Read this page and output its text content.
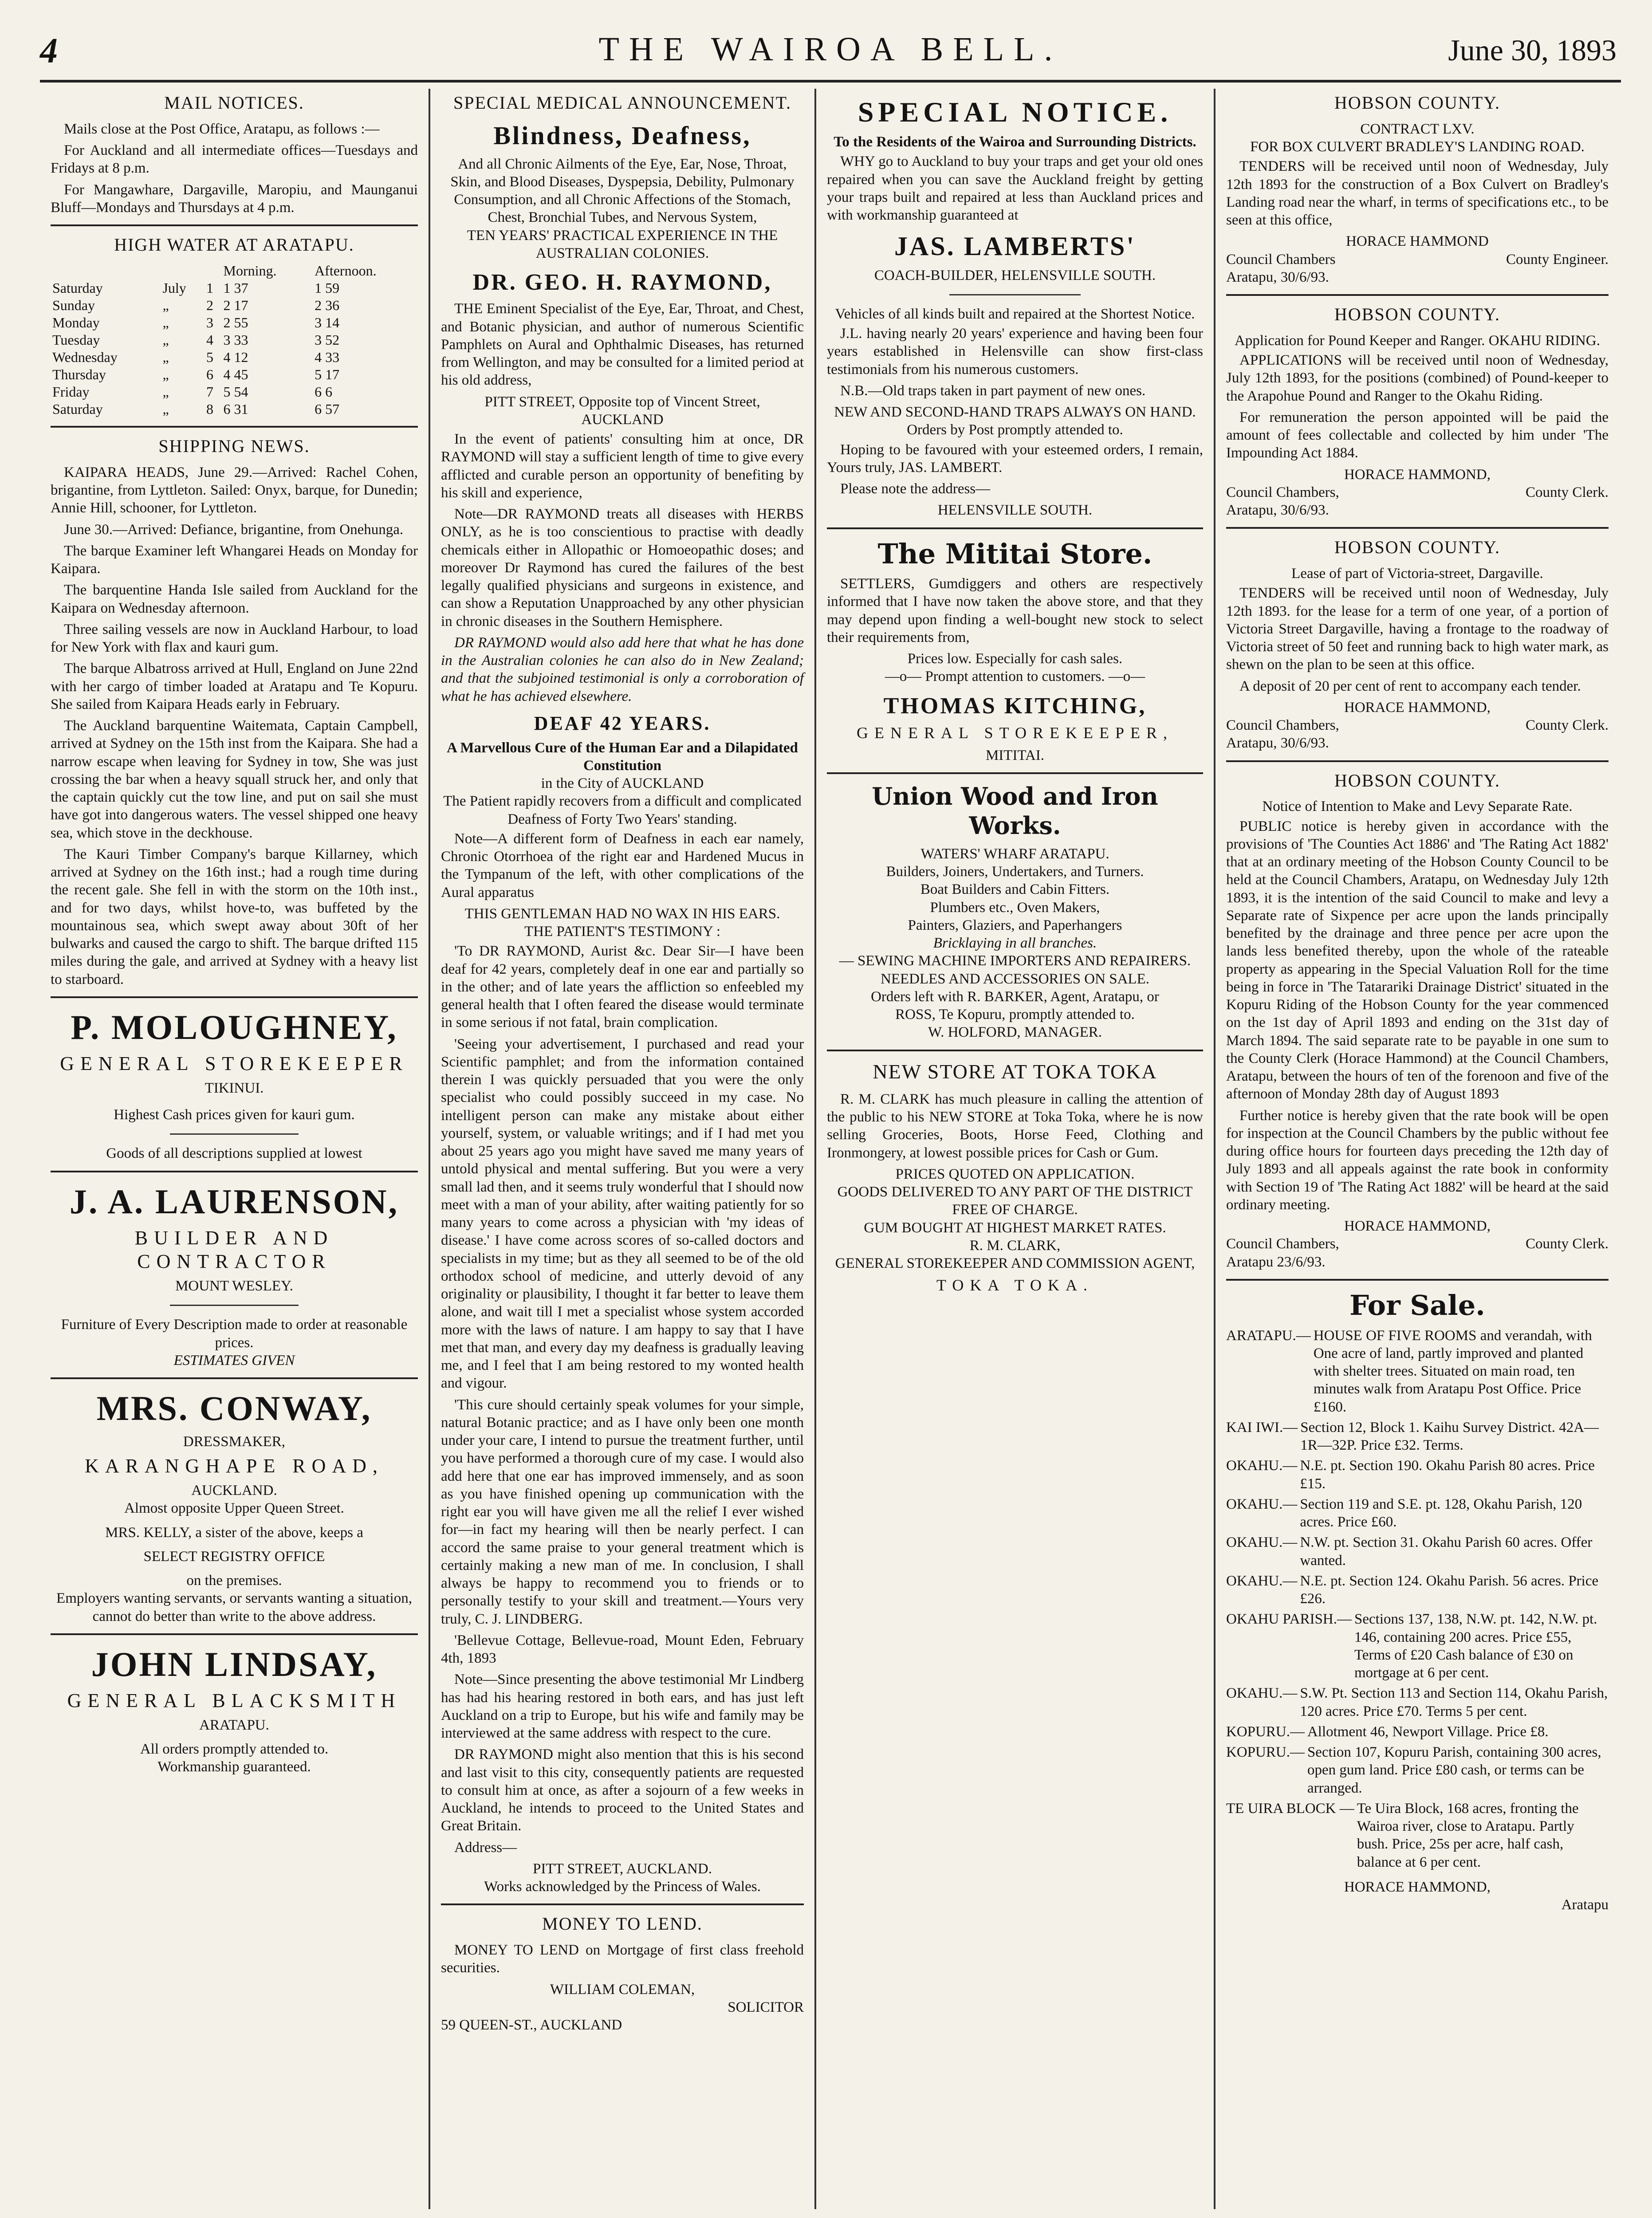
4	THE WAIROA BELL.	June 30, 1893
MAIL NOTICES.
Mails close at the Post Office, Aratapu, as follows :—
For Auckland and all intermediate offices—Tuesdays and Fridays at 8 p.m.
For Mangawhare, Dargaville, Maropiu, and Maunganui Bluff—Mondays and Thursdays at 4 p.m.
HIGH WATER AT ARATAPU.
			Morning.	Afternoon.
Saturday	July	1	1 37	1 59
Sunday	„	2	2 17	2 36
Monday	„	3	2 55	3 14
Tuesday	„	4	3 33	3 52
Wednesday	„	5	4 12	4 33
Thursday	„	6	4 45	5 17
Friday	„	7	5 54	6 6
Saturday	„	8	6 31	6 57
SHIPPING NEWS.
KAIPARA HEADS, June 29.—Arrived: Rachel Cohen, brigantine, from Lyttleton. Sailed: Onyx, barque, for Dunedin; Annie Hill, schooner, for Lyttleton.
June 30.—Arrived: Defiance, brigantine, from Onehunga.
The barque Examiner left Whangarei Heads on Monday for Kaipara.
The barquentine Handa Isle sailed from Auckland for the Kaipara on Wednesday afternoon.
Three sailing vessels are now in Auckland Harbour, to load for New York with flax and kauri gum.
The barque Albatross arrived at Hull, England on June 22nd with her cargo of timber loaded at Aratapu and Te Kopuru. She sailed from Kaipara Heads early in February.
The Auckland barquentine Waitemata, Captain Campbell, arrived at Sydney on the 15th inst from the Kaipara. She had a narrow escape when leaving for Sydney in tow, She was just crossing the bar when a heavy squall struck her, and only that the captain quickly cut the tow line, and put on sail she must have got into dangerous waters. The vessel shipped one heavy sea, which stove in the deckhouse.
The Kauri Timber Company's barque Killarney, which arrived at Sydney on the 16th inst.; had a rough time during the recent gale. She fell in with the storm on the 10th inst., and for two days, whilst hove-to, was buffeted by the mountainous sea, which swept away about 30ft of her bulwarks and caused the cargo to shift. The barque drifted 115 miles during the gale, and arrived at Sydney with a heavy list to starboard.
P. MOLOUGHNEY,
GENERAL STOREKEEPER
TIKINUI.
Highest Cash prices given for kauri gum.
Goods of all descriptions supplied at lowest
J. A. LAURENSON,
BUILDER AND CONTRACTOR
MOUNT WESLEY.
Furniture of Every Description made to order at reasonable prices.
ESTIMATES GIVEN
MRS. CONWAY,
DRESSMAKER,
KARANGHAPE ROAD,
AUCKLAND.
Almost opposite Upper Queen Street.
MRS. KELLY, a sister of the above, keeps a
SELECT REGISTRY OFFICE
on the premises.
Employers wanting servants, or servants wanting a situation, cannot do better than write to the above address.
JOHN LINDSAY,
GENERAL BLACKSMITH
ARATAPU.
All orders promptly attended to.
Workmanship guaranteed.
SPECIAL MEDICAL ANNOUNCEMENT.
Blindness, Deafness,
And all Chronic Ailments of the Eye, Ear, Nose, Throat, Skin, and Blood Diseases, Dyspepsia, Debility, Pulmonary Consumption, and all Chronic Affections of the Stomach, Chest, Bronchial Tubes, and Nervous System,
TEN YEARS' PRACTICAL EXPERIENCE IN THE AUSTRALIAN COLONIES.
DR. GEO. H. RAYMOND,
THE Eminent Specialist of the Eye, Ear, Throat, and Chest, and Botanic physician, and author of numerous Scientific Pamphlets on Aural and Ophthalmic Diseases, has returned from Wellington, and may be consulted for a limited period at his old address,
PITT STREET, Opposite top of Vincent Street,
AUCKLAND
In the event of patients' consulting him at once, DR RAYMOND will stay a sufficient length of time to give every afflicted and curable person an opportunity of benefiting by his skill and experience,
Note—DR RAYMOND treats all diseases with HERBS ONLY, as he is too conscientious to practise with deadly chemicals either in Allopathic or Homoeopathic doses; and moreover Dr Raymond has cured the failures of the best legally qualified physicians and surgeons in existence, and can show a Reputation Unapproached by any other physician in chronic diseases in the Southern Hemisphere.
DR RAYMOND would also add here that what he has done in the Australian colonies he can also do in New Zealand; and that the subjoined testimonial is only a corroboration of what he has achieved elsewhere.
DEAF 42 YEARS.
A Marvellous Cure of the Human Ear and a Dilapidated Constitution
in the City of AUCKLAND
The Patient rapidly recovers from a difficult and complicated Deafness of Forty Two Years' standing.
Note—A different form of Deafness in each ear namely, Chronic Otorrhoea of the right ear and Hardened Mucus in the Tympanum of the left, with other complications of the Aural apparatus
THIS GENTLEMAN HAD NO WAX IN HIS EARS.
THE PATIENT'S TESTIMONY :
'To DR RAYMOND, Aurist &c. Dear Sir—I have been deaf for 42 years, completely deaf in one ear and partially so in the other; and of late years the affliction so enfeebled my general health that I often feared the disease would terminate in some serious if not fatal, brain complication.
'Seeing your advertisement, I purchased and read your Scientific pamphlet; and from the information contained therein I was quickly persuaded that you were the only specialist who could possibly succeed in my case. No intelligent person can make any mistake about either yourself, system, or valuable writings; and if I had met you about 25 years ago you might have saved me many years of untold physical and mental suffering. But you were a very small lad then, and it seems truly wonderful that I should now meet with a man of your ability, after waiting patiently for so many years to come across a physician with 'my ideas of disease.' I have come across scores of so-called doctors and specialists in my time; but as they all seemed to be of the old orthodox school of medicine, and utterly devoid of any originality or plausibility, I thought it far better to leave them alone, and wait till I met a specialist whose system accorded more with the laws of nature. I am happy to say that I have met that man, and every day my deafness is gradually leaving me, and I feel that I am being restored to my wonted health and vigour.
'This cure should certainly speak volumes for your simple, natural Botanic practice; and as I have only been one month under your care, I intend to pursue the treatment further, until you have performed a thorough cure of my case. I would also add here that one ear has improved immensely, and as soon as you have finished opening up communication with the right ear you will have given me all the relief I ever wished for—in fact my hearing will then be nearly perfect. I can accord the same praise to your general treatment which is certainly making a new man of me. In conclusion, I shall always be happy to recommend you to friends or to personally testify to your skill and treatment.—Yours very truly, C. J. LINDBERG.
'Bellevue Cottage, Bellevue-road, Mount Eden, February 4th, 1893
Note—Since presenting the above testimonial Mr Lindberg has had his hearing restored in both ears, and has just left Auckland on a trip to Europe, but his wife and family may be interviewed at the same address with respect to the cure.
DR RAYMOND might also mention that this is his second and last visit to this city, consequently patients are requested to consult him at once, as after a sojourn of a few weeks in Auckland, he intends to proceed to the United States and Great Britain.
Address—
PITT STREET, AUCKLAND.
Works acknowledged by the Princess of Wales.
MONEY TO LEND.
MONEY TO LEND on Mortgage of first class freehold securities.
WILLIAM COLEMAN,
SOLICITOR
59 QUEEN-ST., AUCKLAND
SPECIAL NOTICE.
To the Residents of the Wairoa and Surrounding Districts.
WHY go to Auckland to buy your traps and get your old ones repaired when you can save the Auckland freight by getting your traps built and repaired at less than Auckland prices and with workmanship guaranteed at
JAS. LAMBERTS'
COACH-BUILDER, HELENSVILLE SOUTH.
Vehicles of all kinds built and repaired at the Shortest Notice.
J.L. having nearly 20 years' experience and having been four years established in Helensville can show first-class testimonials from his numerous customers.
N.B.—Old traps taken in part payment of new ones.
NEW AND SECOND-HAND TRAPS ALWAYS ON HAND.
Orders by Post promptly attended to.
Hoping to be favoured with your esteemed orders, I remain, Yours truly, JAS. LAMBERT.
Please note the address—
HELENSVILLE SOUTH.
The Mititai Store.
SETTLERS, Gumdiggers and others are respectively informed that I have now taken the above store, and that they may depend upon finding a well-bought new stock to select their requirements from,
Prices low. Especially for cash sales.
—o— Prompt attention to customers. —o—
THOMAS KITCHING,
GENERAL STOREKEEPER,
MITITAI.
Union Wood and Iron Works.
WATERS' WHARF ARATAPU.
Builders, Joiners, Undertakers, and Turners.
Boat Builders and Cabin Fitters.
Plumbers etc., Oven Makers,
Painters, Glaziers, and Paperhangers
Bricklaying in all branches.
— SEWING MACHINE IMPORTERS AND REPAIRERS.
NEEDLES AND ACCESSORIES ON SALE.
Orders left with R. BARKER, Agent, Aratapu, or
ROSS, Te Kopuru, promptly attended to.
W. HOLFORD, MANAGER.
NEW STORE AT TOKA TOKA
R. M. CLARK has much pleasure in calling the attention of the public to his NEW STORE at Toka Toka, where he is now selling Groceries, Boots, Horse Feed, Clothing and Ironmongery, at lowest possible prices for Cash or Gum.
PRICES QUOTED ON APPLICATION.
GOODS DELIVERED TO ANY PART OF THE DISTRICT FREE OF CHARGE.
GUM BOUGHT AT HIGHEST MARKET RATES.
R. M. CLARK,
GENERAL STOREKEEPER AND COMMISSION AGENT,
TOKA TOKA.
HOBSON COUNTY.
CONTRACT LXV.
FOR BOX CULVERT BRADLEY'S LANDING ROAD.
TENDERS will be received until noon of Wednesday, July 12th 1893 for the construction of a Box Culvert on Bradley's Landing road near the wharf, in terms of specifications etc., to be seen at this office,
HORACE HAMMOND
Council Chambers	County Engineer.
Aratapu, 30/6/93.
HOBSON COUNTY.
Application for Pound Keeper and Ranger. OKAHU RIDING.
APPLICATIONS will be received until noon of Wednesday, July 12th 1893, for the positions (combined) of Pound-keeper to the Arapohue Pound and Ranger to the Okahu Riding.
For remuneration the person appointed will be paid the amount of fees collectable and collected by him under 'The Impounding Act 1884.
HORACE HAMMOND,
Council Chambers,	County Clerk.
Aratapu, 30/6/93.
HOBSON COUNTY.
Lease of part of Victoria-street, Dargaville.
TENDERS will be received until noon of Wednesday, July 12th 1893. for the lease for a term of one year, of a portion of Victoria Street Dargaville, having a frontage to the roadway of Victoria street of 50 feet and running back to high water mark, as shewn on the plan to be seen at this office.
A deposit of 20 per cent of rent to accompany each tender.
HORACE HAMMOND,
Council Chambers,	County Clerk.
Aratapu, 30/6/93.
HOBSON COUNTY.
Notice of Intention to Make and Levy Separate Rate.
PUBLIC notice is hereby given in accordance with the provisions of 'The Counties Act 1886' and 'The Rating Act 1882' that at an ordinary meeting of the Hobson County Council to be held at the Council Chambers, Aratapu, on Wednesday July 12th 1893, it is the intention of the said Council to make and levy a Separate rate of Sixpence per acre upon the lands principally benefited by the drainage and three pence per acre upon the lands less benefited thereby, upon the whole of the rateable property as appearing in the Special Valuation Roll for the time being in force in 'The Tatarariki Drainage District' situated in the Kopuru Riding of the Hobson County for the year commenced on the 1st day of April 1893 and ending on the 31st day of March 1894. The said separate rate to be payable in one sum to the County Clerk (Horace Hammond) at the Council Chambers, Aratapu, between the hours of ten of the forenoon and five of the afternoon of Monday 28th day of August 1893
Further notice is hereby given that the rate book will be open for inspection at the Council Chambers by the public without fee during office hours for fourteen days preceding the 12th day of July 1893 and all appeals against the rate book in conformity with Section 19 of 'The Rating Act 1882' will be heard at the said ordinary meeting.
HORACE HAMMOND,
Council Chambers,	County Clerk.
Aratapu 23/6/93.
For Sale.
ARATAPU.— HOUSE OF FIVE ROOMS and verandah, with One acre of land, partly improved and planted with shelter trees. Situated on main road, ten minutes walk from Aratapu Post Office. Price £160.
KAI IWI.— Section 12, Block 1. Kaihu Survey District. 42A—1R—32P. Price £32. Terms.
OKAHU.— N.E. pt. Section 190. Okahu Parish 80 acres. Price £15.
OKAHU.— Section 119 and S.E. pt. 128, Okahu Parish, 120 acres. Price £60.
OKAHU.— N.W. pt. Section 31. Okahu Parish 60 acres. Offer wanted.
OKAHU.— N.E. pt. Section 124. Okahu Parish. 56 acres. Price £26.
OKAHU PARISH.— Sections 137, 138, N.W. pt. 142, N.W. pt. 146, containing 200 acres. Price £55, Terms of £20 Cash balance of £30 on mortgage at 6 per cent.
OKAHU.— S.W. Pt. Section 113 and Section 114, Okahu Parish, 120 acres. Price £70. Terms 5 per cent.
KOPURU.— Allotment 46, Newport Village. Price £8.
KOPURU.— Section 107, Kopuru Parish, containing 300 acres, open gum land. Price £80 cash, or terms can be arranged.
TE UIRA BLOCK — Te Uira Block, 168 acres, fronting the Wairoa river, close to Aratapu. Partly bush. Price, 25s per acre, half cash, balance at 6 per cent.
HORACE HAMMOND,
Aratapu
